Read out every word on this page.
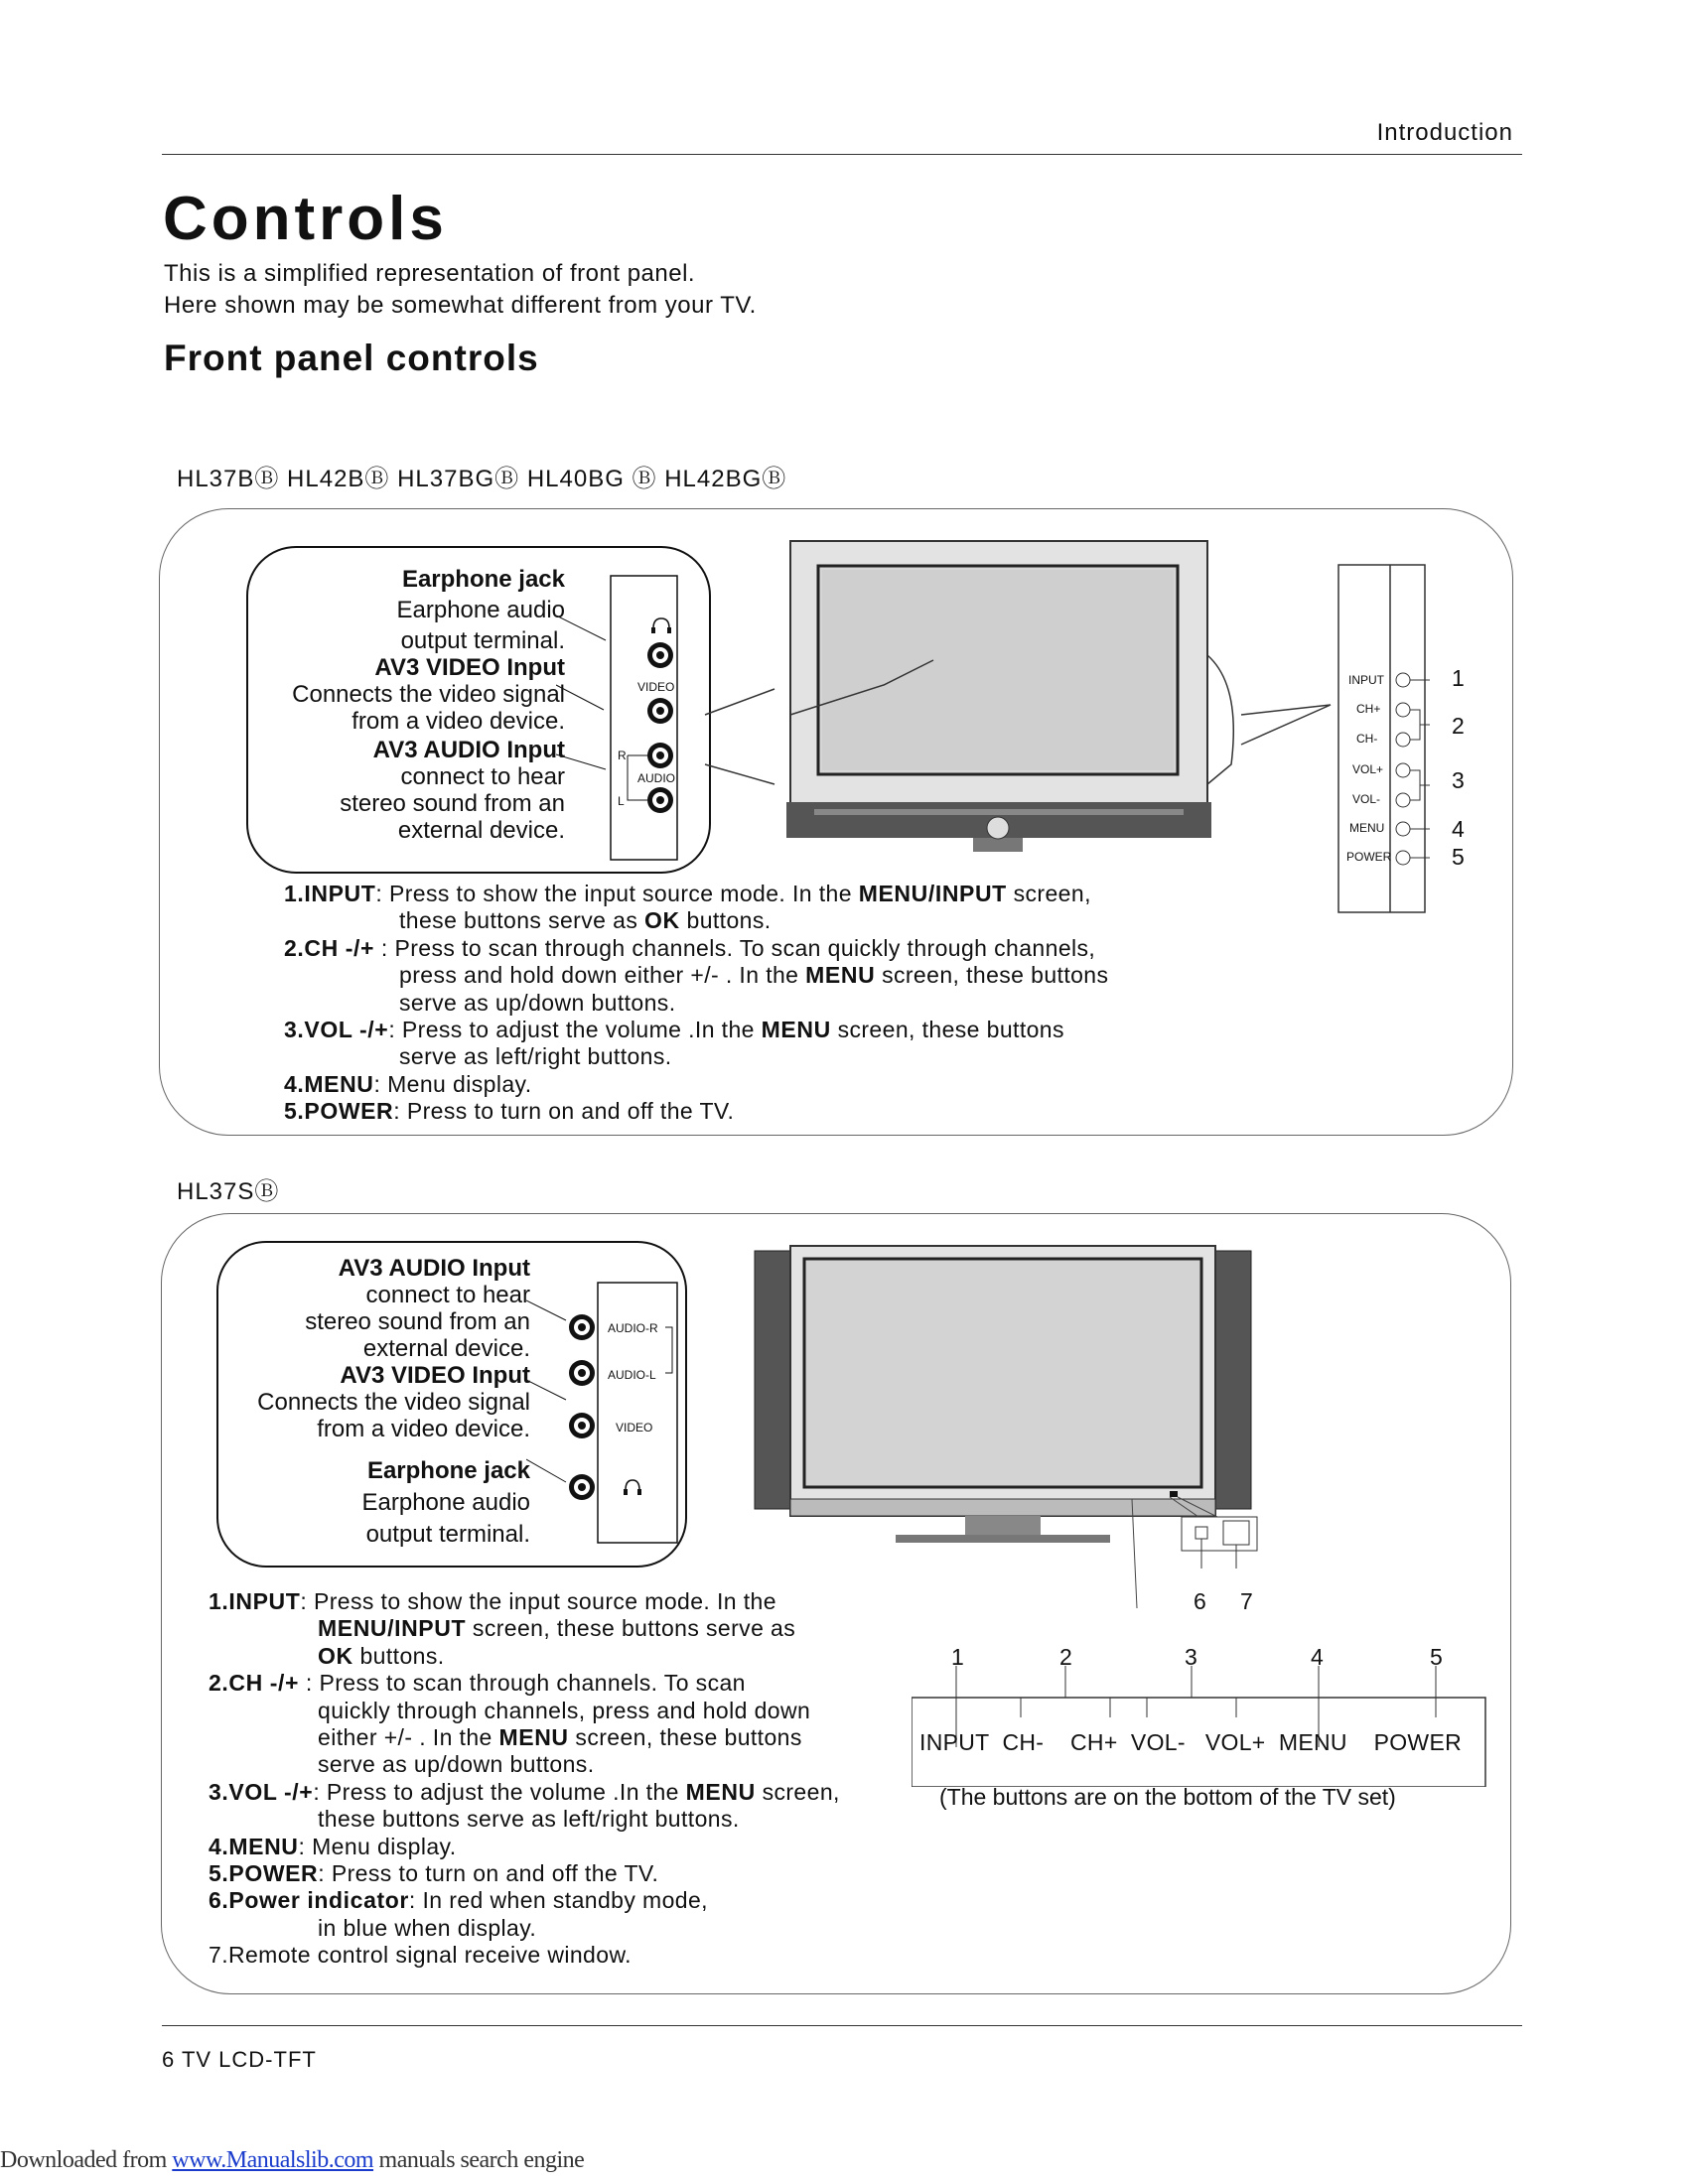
Introduction
Controls
This is a simplified representation of front panel.
Here shown may be somewhat different from your TV.
Front panel controls
HL37BⒷ HL42BⒷ HL37BGⒷ HL40BG Ⓑ HL42BGⒷ
Earphone jack
Earphone audio
output terminal.
AV3 VIDEO Input
Connects the video signal
from a video device.
AV3 AUDIO Input
connect to hear
stereo sound from an
external device.
VIDEO
R
AUDIO
L
INPUT
CH+
CH-
VOL+
VOL-
MENU
POWER
1
2
3
4
5
1.INPUT: Press to show the input source mode. In the MENU/INPUT screen,
these buttons serve as OK buttons.
2.CH -/+ : Press to scan through channels. To scan quickly through channels,
press and hold down either +/- . In the MENU screen, these buttons
serve as up/down buttons.
3.VOL -/+: Press to adjust the volume .In the MENU screen, these buttons
serve as left/right buttons.
4.MENU: Menu display.
5.POWER: Press to turn on and off the TV.
HL37SⒷ
AV3 AUDIO Input
connect to hear
stereo sound from an
external device.
AV3 VIDEO Input
Connects the video signal
from a video device.
Earphone jack
Earphone audio
output terminal.
AUDIO-R
AUDIO-L
VIDEO
6 7
1	2	3	4	5
INPUT  CH-    CH+  VOL-   VOL+  MENU    POWER
(The buttons are on the bottom of the TV set)
1.INPUT: Press to show the input source mode. In the
MENU/INPUT screen, these buttons serve as
OK buttons.
2.CH -/+ : Press to scan through channels. To scan
quickly through channels, press and hold down
either +/- . In the MENU screen, these buttons
serve as up/down buttons.
3.VOL -/+: Press to adjust the volume .In the MENU screen,
these buttons serve as left/right buttons.
4.MENU: Menu display.
5.POWER: Press to turn on and off the TV.
6.Power indicator: In red when standby mode,
in blue when display.
7.Remote control signal receive window.
6 TV LCD-TFT
Downloaded from www.Manualslib.com manuals search engine
